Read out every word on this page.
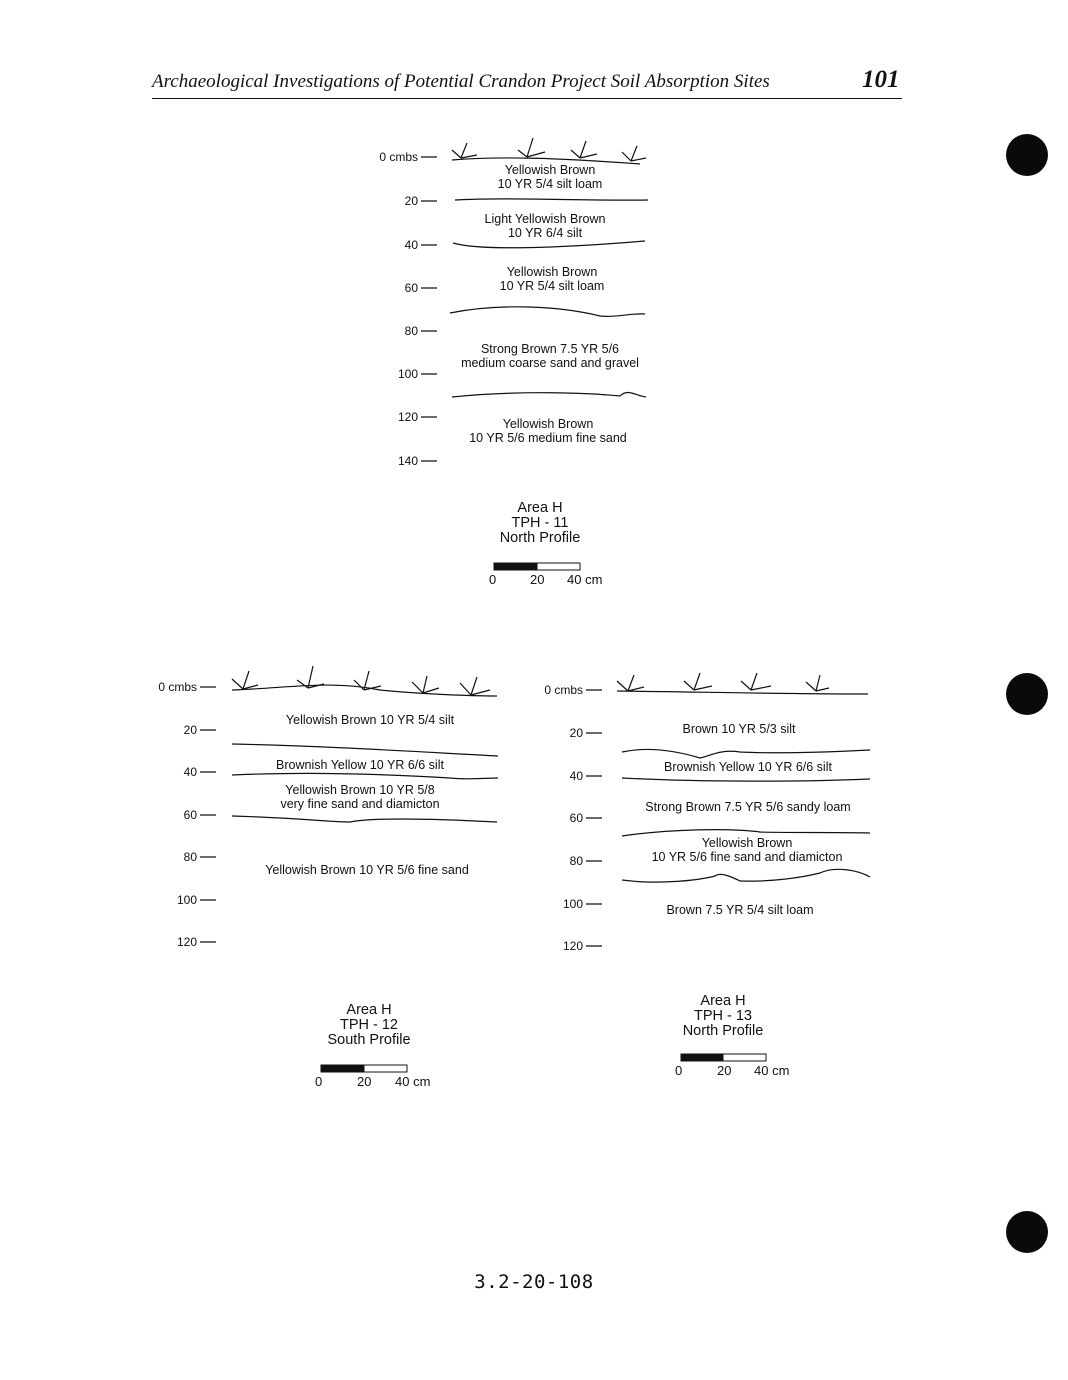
Archaeological Investigations of Potential Crandon Project Soil Absorption Sites	101
0 cmbs
20
40
60
80
100
120
140
Yellowish Brown
10 YR 5/4 silt loam
Light Yellowish Brown
10 YR 6/4 silt
Yellowish Brown
10 YR 5/4 silt loam
Strong Brown 7.5 YR 5/6
medium coarse sand and gravel
Yellowish Brown
10 YR 5/6 medium fine sand
Area H
TPH - 11
North Profile
0	20 40 cm
0 cmbs
20
40
60
80
100
120
Yellowish Brown 10 YR 5/4 silt
Brownish Yellow 10 YR 6/6 silt
Yellowish Brown 10 YR 5/8
very fine sand and diamicton
Yellowish Brown 10 YR 5/6 fine sand
Area H
TPH - 12
South Profile
0	20 40 cm
0 cmbs
20
40
60
80
100
120
Brown 10 YR 5/3 silt
Brownish Yellow 10 YR 6/6 silt
Strong Brown 7.5 YR 5/6 sandy loam
Yellowish Brown
10 YR 5/6 fine sand and diamicton
Brown 7.5 YR 5/4 silt loam
Area H
TPH - 13
North Profile
0	20 40 cm
3.2-20-108
